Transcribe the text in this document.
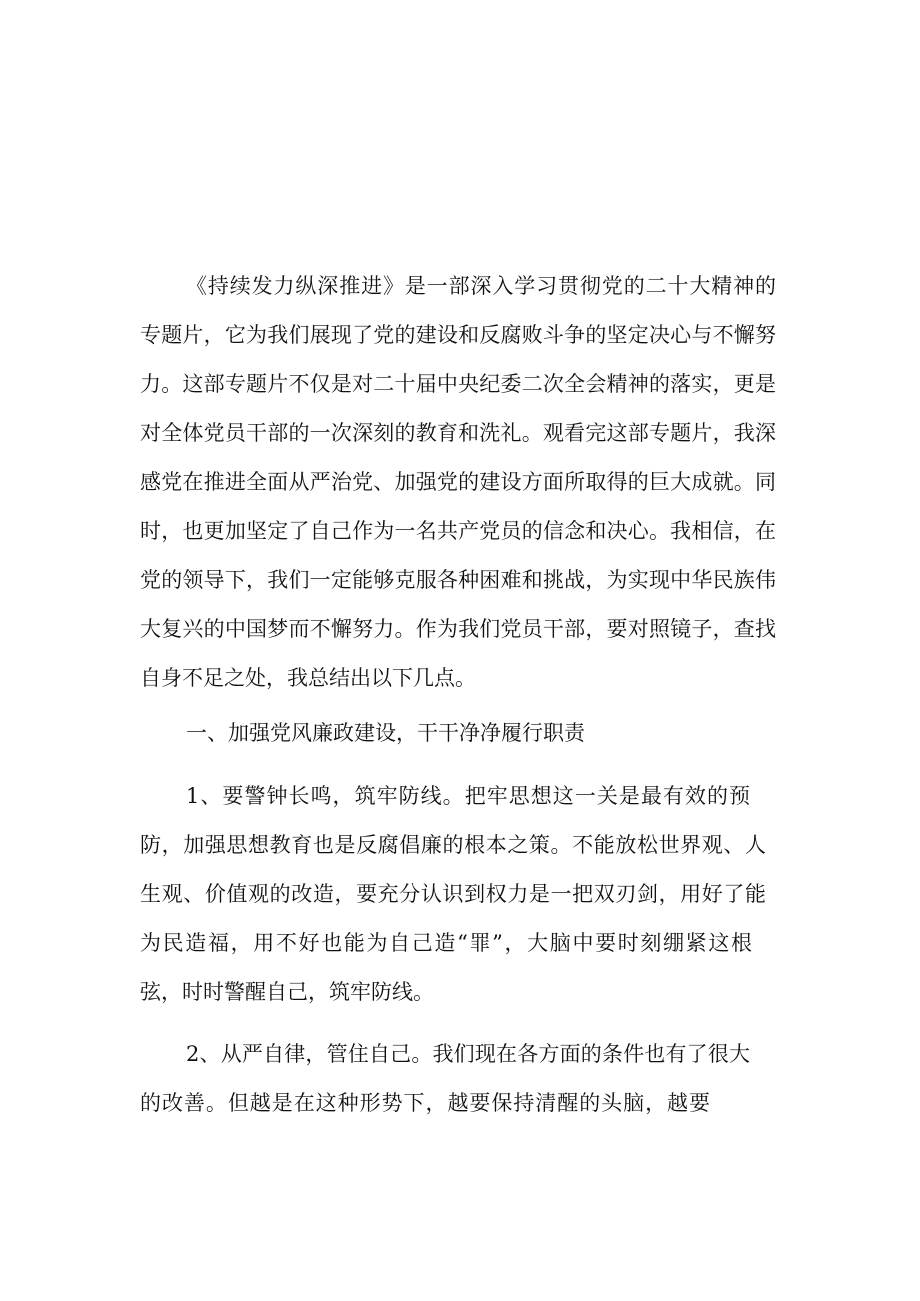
《持续发力纵深推进》是一部深入学习贯彻党的二十大精神的
专题片，它为我们展现了党的建设和反腐败斗争的坚定决心与不懈努
力。这部专题片不仅是对二十届中央纪委二次全会精神的落实，更是
对全体党员干部的一次深刻的教育和洗礼。观看完这部专题片，我深
感党在推进全面从严治党、加强党的建设方面所取得的巨大成就。同
时，也更加坚定了自己作为一名共产党员的信念和决心。我相信，在
党的领导下，我们一定能够克服各种困难和挑战，为实现中华民族伟
大复兴的中国梦而不懈努力。作为我们党员干部，要对照镜子，查找
自身不足之处，我总结出以下几点。
一、加强党风廉政建设，干干净净履行职责
1、要警钟长鸣，筑牢防线。把牢思想这一关是最有效的预
防，加强思想教育也是反腐倡廉的根本之策。不能放松世界观、人
生观、价值观的改造，要充分认识到权力是一把双刃剑，用好了能
为民造福，用不好也能为自己造“罪”，大脑中要时刻绷紧这根
弦，时时警醒自己，筑牢防线。
2、从严自律，管住自己。我们现在各方面的条件也有了很大
的改善。但越是在这种形势下，越要保持清醒的头脑，越要
